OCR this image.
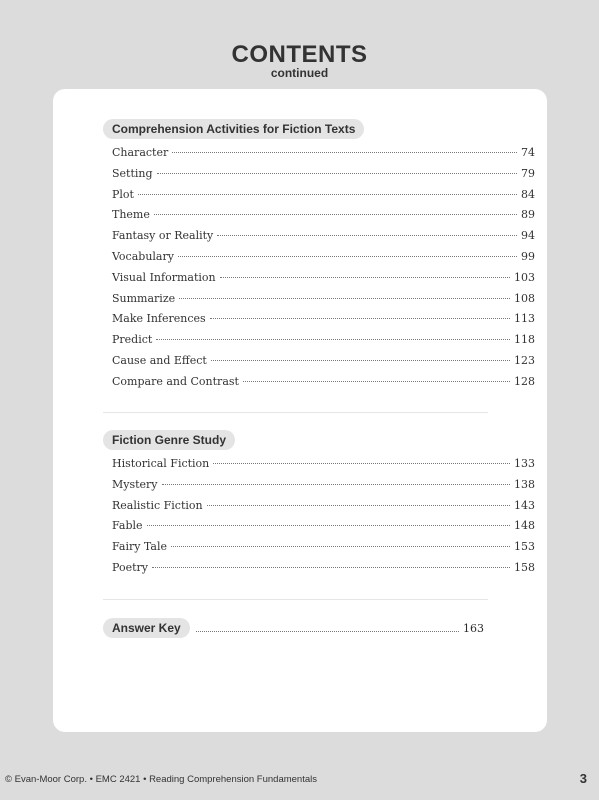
CONTENTS
continued
Comprehension Activities for Fiction Texts
Character	74
Setting	79
Plot	84
Theme	89
Fantasy or Reality	94
Vocabulary	99
Visual Information	103
Summarize	108
Make Inferences	113
Predict	118
Cause and Effect	123
Compare and Contrast	128
Fiction Genre Study
Historical Fiction	133
Mystery	138
Realistic Fiction	143
Fable	148
Fairy Tale	153
Poetry	158
Answer Key	163
© Evan-Moor Corp. • EMC 2421 • Reading Comprehension Fundamentals	3
